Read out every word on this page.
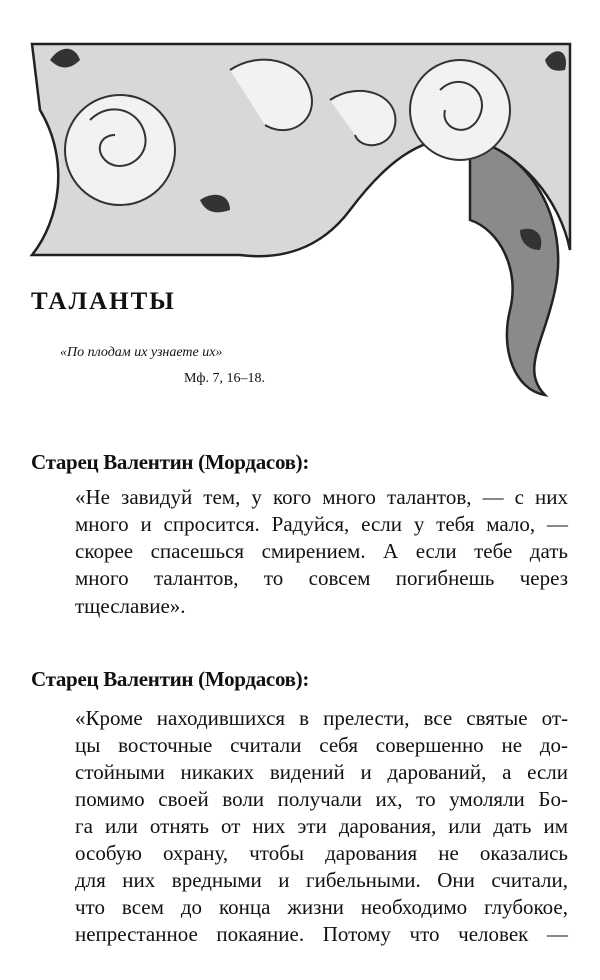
ТАЛАНТЫ
«По плодам их узнаете их»
Мф. 7, 16–18.
Старец Валентин (Мордасов):
«Не завидуй тем, у кого много талантов, — с них
много и спросится. Радуйся, если у тебя мало, —
скорее спасешься смирением. А если тебе дать
много талантов, то совсем погибнешь через
тщеславие».
Старец Валентин (Мордасов):
«Кроме находившихся в прелести, все святые от-
цы восточные считали себя совершенно не до-
стойными никаких видений и дарований, а если
помимо своей воли получали их, то умоляли Бо-
га или отнять от них эти дарования, или дать им
особую охрану, чтобы дарования не оказались
для них вредными и гибельными. Они считали,
что всем до конца жизни необходимо глубокое,
непрестанное покаяние. Потому что человек —
